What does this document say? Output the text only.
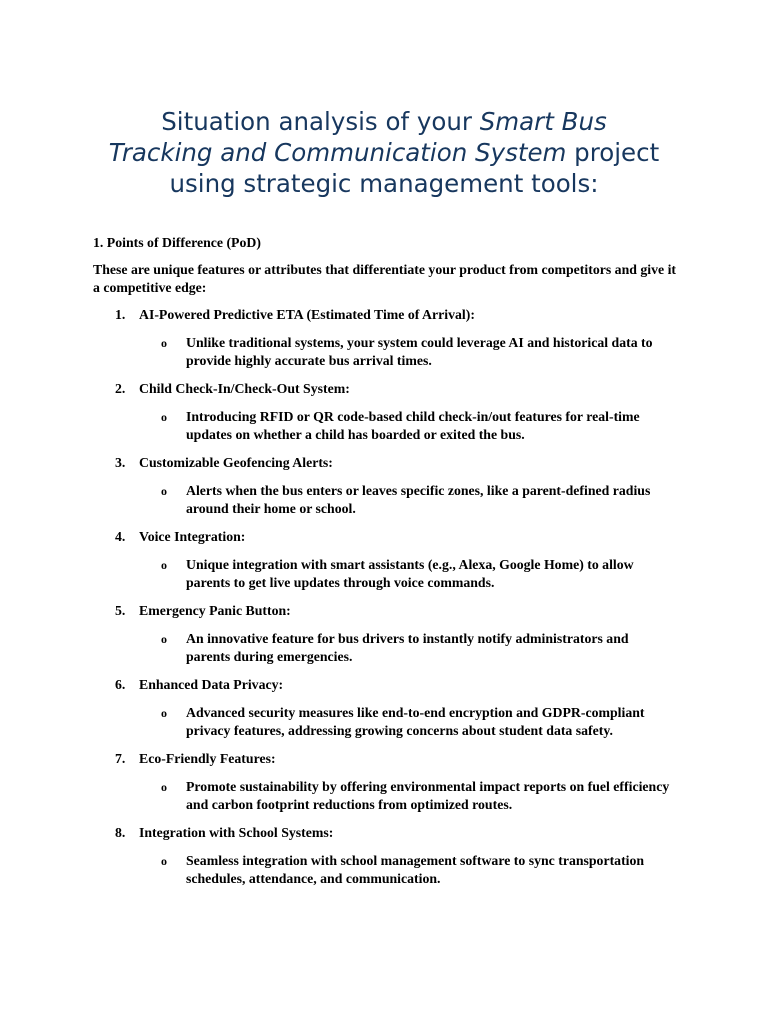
Situation analysis of your Smart Bus
Tracking and Communication System project
using strategic management tools:

1. Points of Difference (PoD)

These are unique features or attributes that differentiate your product from competitors and give it a competitive edge:

1. AI-Powered Predictive ETA (Estimated Time of Arrival):
o Unlike traditional systems, your system could leverage AI and historical data to provide highly accurate bus arrival times.
2. Child Check-In/Check-Out System:
o Introducing RFID or QR code-based child check-in/out features for real-time updates on whether a child has boarded or exited the bus.
3. Customizable Geofencing Alerts:
o Alerts when the bus enters or leaves specific zones, like a parent-defined radius around their home or school.
4. Voice Integration:
o Unique integration with smart assistants (e.g., Alexa, Google Home) to allow parents to get live updates through voice commands.
5. Emergency Panic Button:
o An innovative feature for bus drivers to instantly notify administrators and parents during emergencies.
6. Enhanced Data Privacy:
o Advanced security measures like end-to-end encryption and GDPR-compliant privacy features, addressing growing concerns about student data safety.
7. Eco-Friendly Features:
o Promote sustainability by offering environmental impact reports on fuel efficiency and carbon footprint reductions from optimized routes.
8. Integration with School Systems:
o Seamless integration with school management software to sync transportation schedules, attendance, and communication.
